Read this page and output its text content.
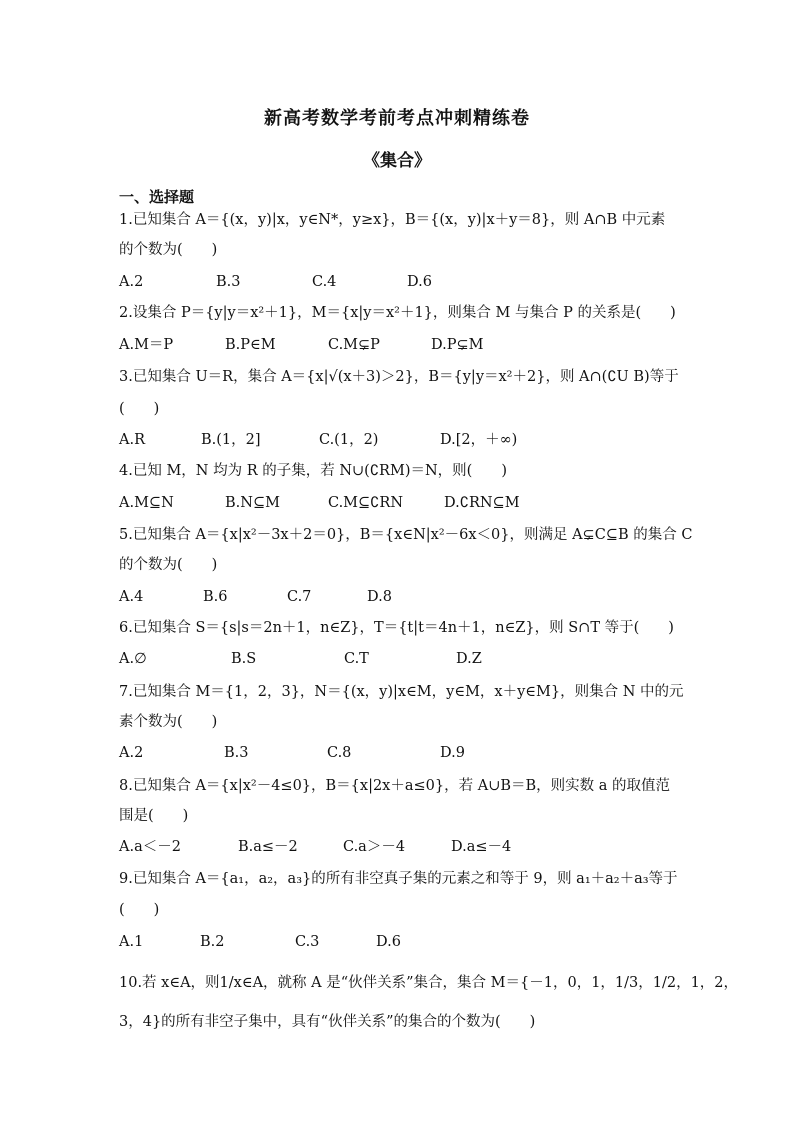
新高考数学考前考点冲刺精练卷
《集合》
一、选择题
1.已知集合 A＝{(x，y)|x，y∈N*，y≥x}，B＝{(x，y)|x＋y＝8}，则 A∩B 中元素
的个数为(　　)
A.2	B.3	C.4	D.6
2.设集合 P＝{y|y＝x²＋1}，M＝{x|y＝x²＋1}，则集合 M 与集合 P 的关系是(　　)
A.M＝P	B.P∈M	C.M⊊P	D.P⊊M
3.已知集合 U＝R，集合 A＝{x|√(x＋3)＞2}，B＝{y|y＝x²＋2}，则 A∩(∁U B)等于
(　　)
A.R	B.(1，2]	C.(1，2)	D.[2，＋∞)
4.已知 M，N 均为 R 的子集，若 N∪(∁RM)＝N，则(　　)
A.M⊆N	B.N⊆M	C.M⊆∁RN	D.∁RN⊆M
5.已知集合 A＝{x|x²－3x＋2＝0}，B＝{x∈N|x²－6x＜0}，则满足 A⊊C⊆B 的集合 C
的个数为(　　)
A.4	B.6	C.7	D.8
6.已知集合 S＝{s|s＝2n＋1，n∈Z}，T＝{t|t＝4n＋1，n∈Z}，则 S∩T 等于(　　)
A.∅	B.S	C.T	D.Z
7.已知集合 M＝{1，2，3}，N＝{(x，y)|x∈M，y∈M，x＋y∈M}，则集合 N 中的元
素个数为(　　)
A.2	B.3	C.8	D.9
8.已知集合 A＝{x|x²－4≤0}，B＝{x|2x＋a≤0}，若 A∪B＝B，则实数 a 的取值范
围是(　　)
A.a＜－2	B.a≤－2	C.a＞－4	D.a≤－4
9.已知集合 A＝{a₁，a₂，a₃}的所有非空真子集的元素之和等于 9，则 a₁＋a₂＋a₃等于
(　　)
A.1	B.2	C.3	D.6
10.若 x∈A，则1/x∈A，就称 A 是“伙伴关系”集合，集合 M＝{－1，0，1，1/3，1/2，1，2，
3，4}的所有非空子集中，具有“伙伴关系”的集合的个数为(　　)
